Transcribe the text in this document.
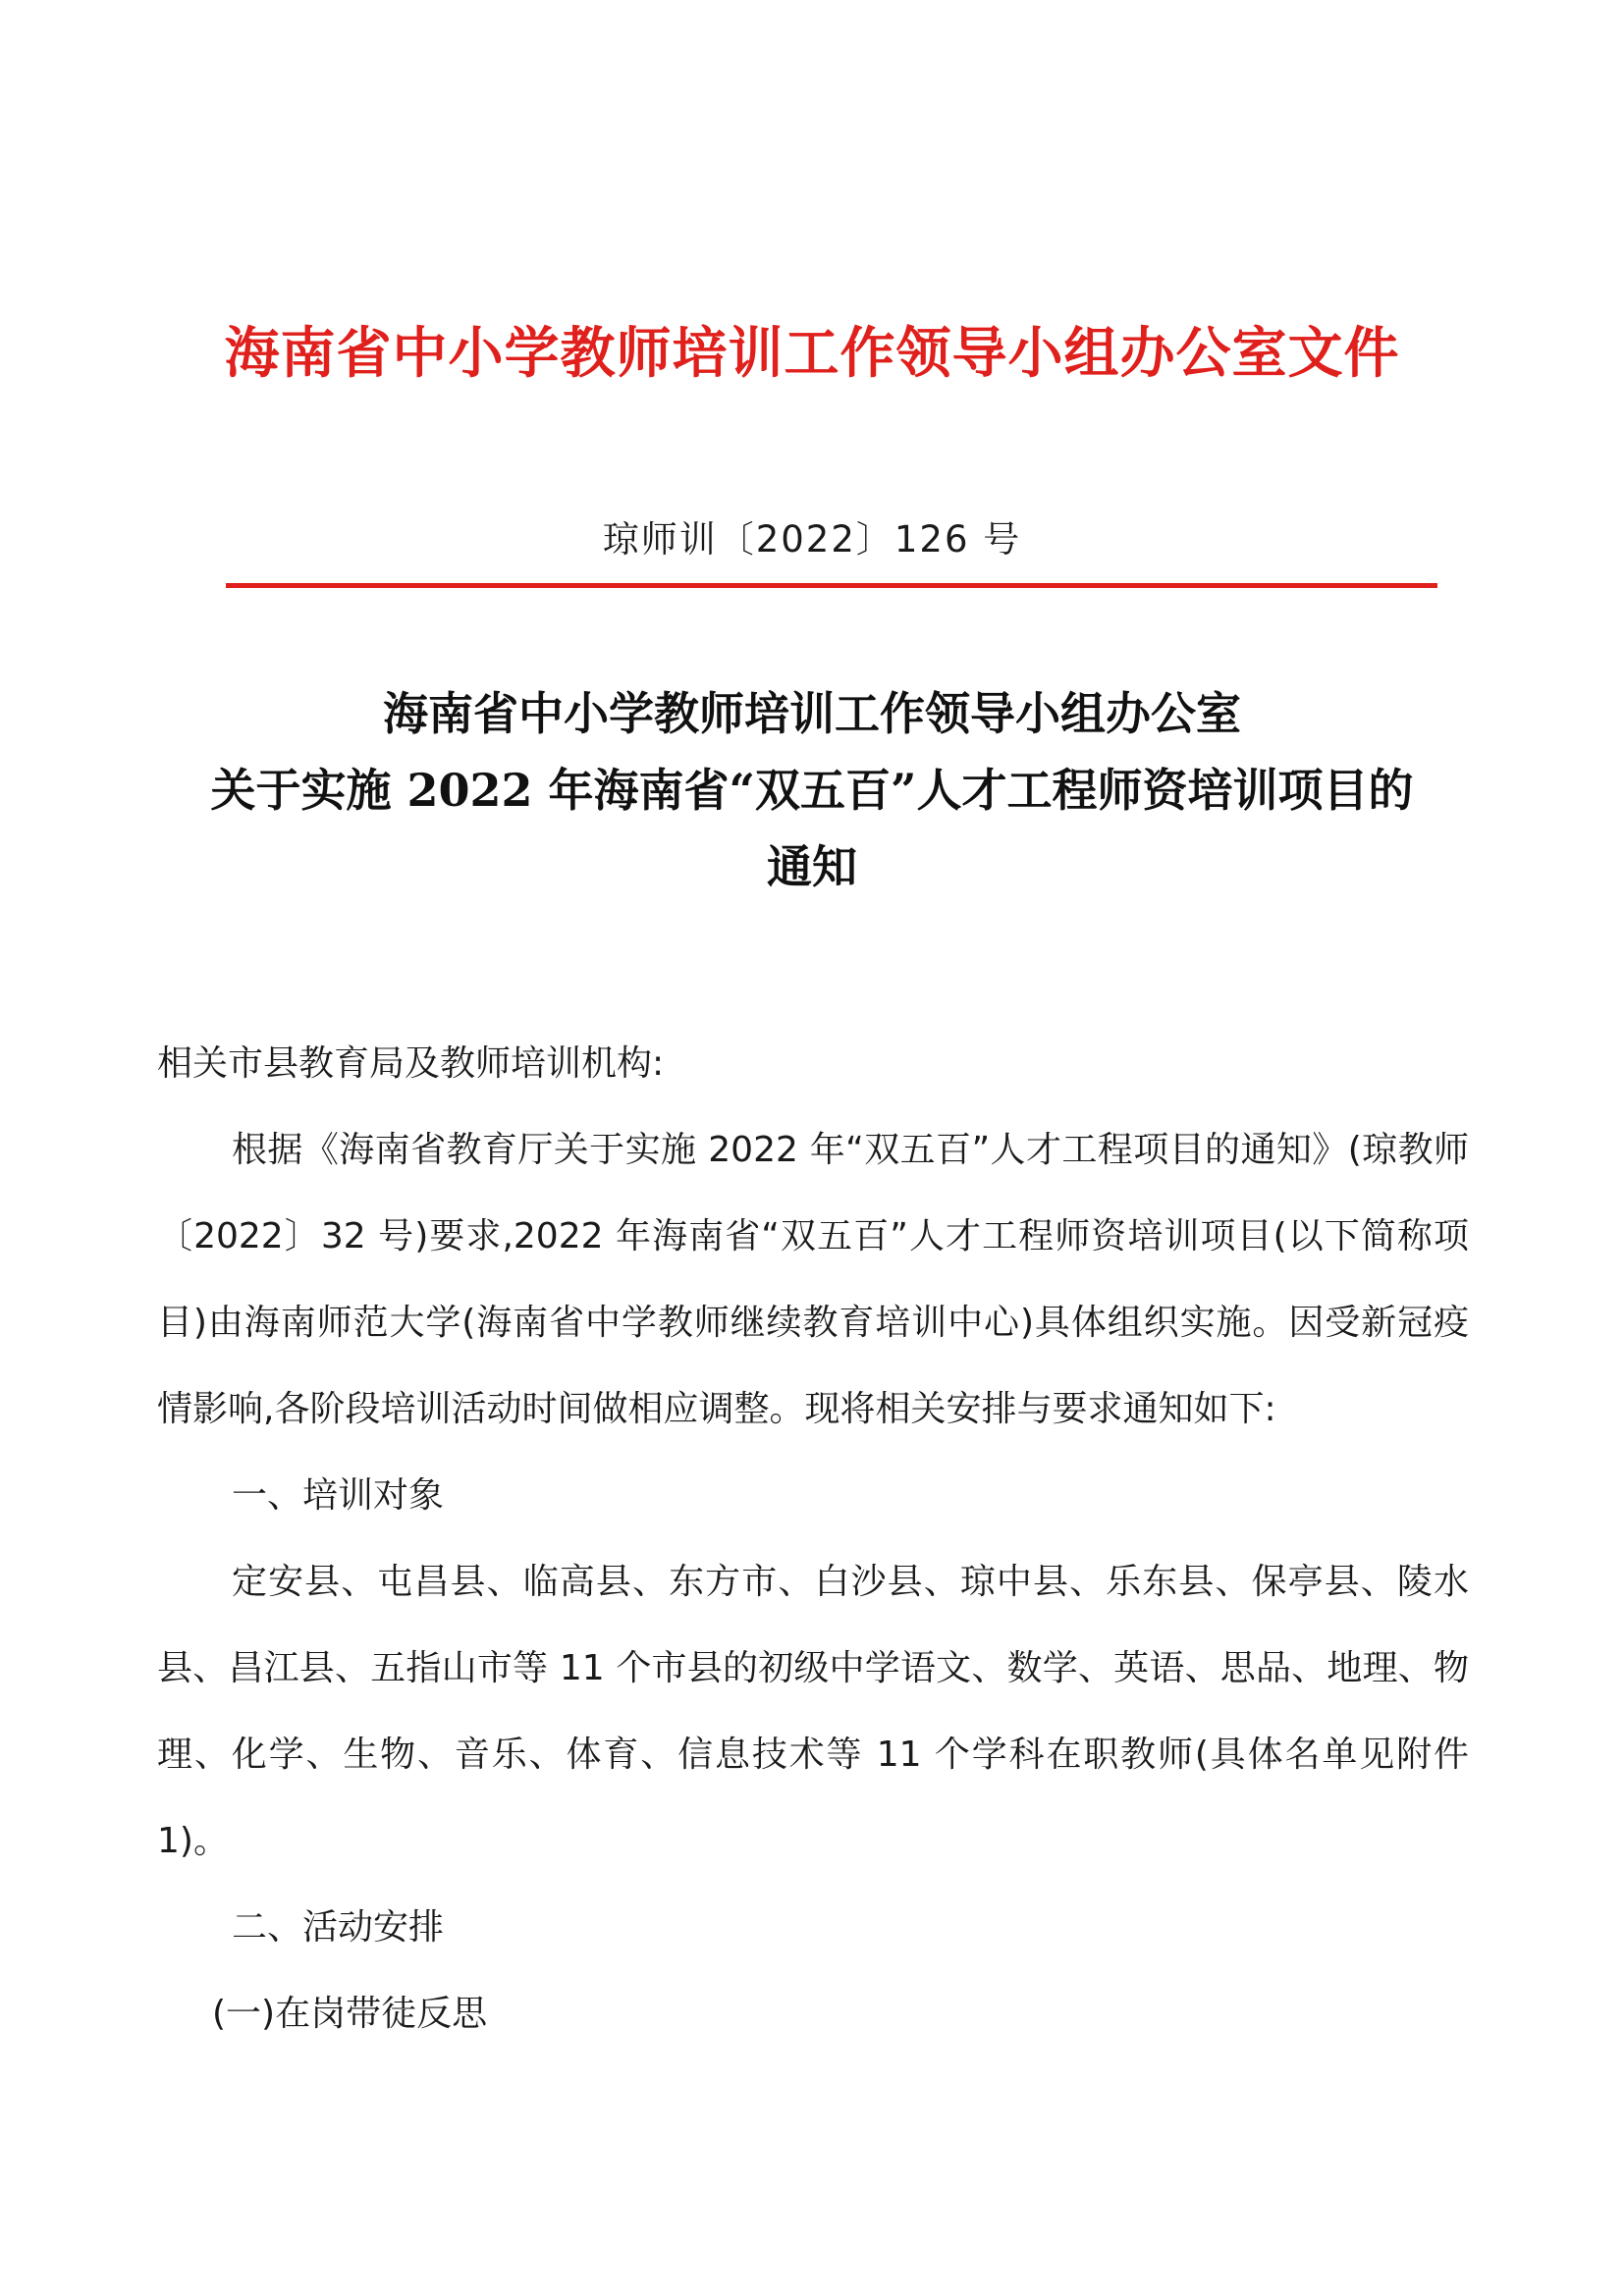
海南省中小学教师培训工作领导小组办公室文件
琼师训〔2022〕126 号
海南省中小学教师培训工作领导小组办公室
关于实施 2022 年海南省“双五百”人才工程师资培训项目的
通知

相关市县教育局及教师培训机构:

根据《海南省教育厅关于实施 2022 年“双五百”人才工程项目的通知》(琼教师〔2022〕32 号)要求,2022 年海南省“双五百”人才工程师资培训项目(以下简称项目)由海南师范大学(海南省中学教师继续教育培训中心)具体组织实施。因受新冠疫情影响,各阶段培训活动时间做相应调整。现将相关安排与要求通知如下:

一、培训对象

定安县、屯昌县、临高县、东方市、白沙县、琼中县、乐东县、保亭县、陵水县、昌江县、五指山市等 11 个市县的初级中学语文、数学、英语、思品、地理、物理、化学、生物、音乐、体育、信息技术等 11 个学科在职教师(具体名单见附件 1)。

二、活动安排

(一)在岗带徒反思
